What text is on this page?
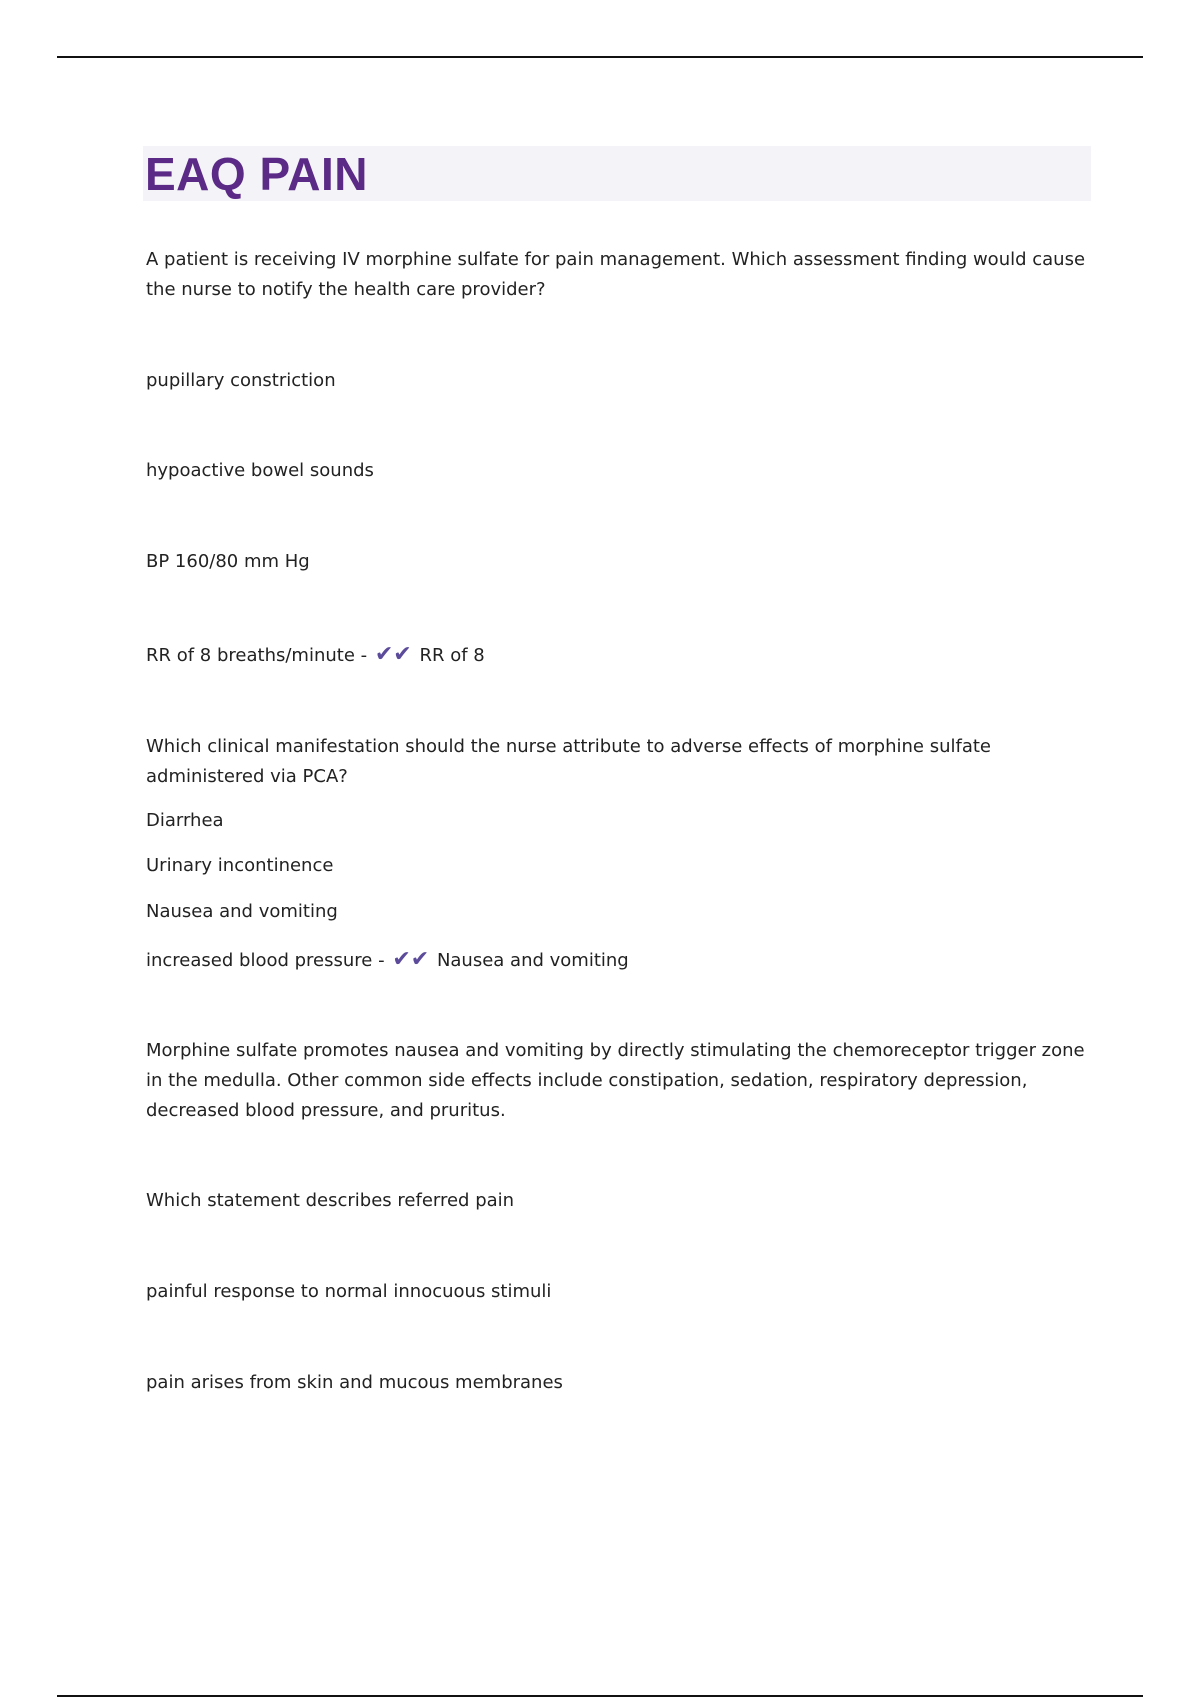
EAQ PAIN
A patient is receiving IV morphine sulfate for pain management. Which assessment finding would cause the nurse to notify the health care provider?
pupillary constriction
hypoactive bowel sounds
BP 160/80 mm Hg
RR of 8 breaths/minute - ✔✔ RR of 8
Which clinical manifestation should the nurse attribute to adverse effects of morphine sulfate administered via PCA?
Diarrhea
Urinary incontinence
Nausea and vomiting
increased blood pressure - ✔✔ Nausea and vomiting
Morphine sulfate promotes nausea and vomiting by directly stimulating the chemoreceptor trigger zone in the medulla. Other common side effects include constipation, sedation, respiratory depression, decreased blood pressure, and pruritus.
Which statement describes referred pain
painful response to normal innocuous stimuli
pain arises from skin and mucous membranes
